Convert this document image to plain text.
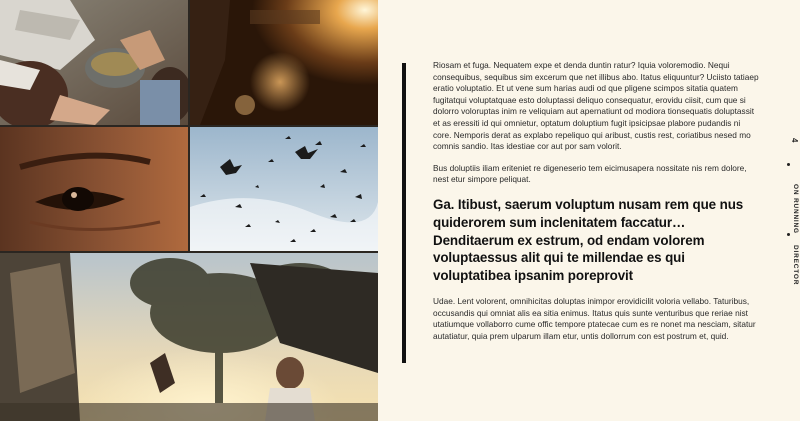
Riosam et fuga. Nequatem expe et denda duntin ratur? Iquia voloremodio. Nequi consequibus, sequibus sim excerum que net illibus abo. Itatus eliquuntur? Uciisto tatiaep eratio voluptatio. Et ut vene sum harias audi od que pligene scimpos sitatia quatem fugitatqui voluptatquae esto doluptassi deliquo consequatur, erovidu ciisit, cum que si dolorro voloruptas inim re veliquiam aut apernatiunt od modiora tionsequatis doluptassit et as eressiti id qui omnietur, optatum doluptium fugit ipsicipsae plabore pudandis ni core. Nemporis derat as explabo repeliquo qui aribust, custis rest, coriatibus nesed mo comnis sandio. Itas idestiae cor aut por sam volorit.

Bus doluptiis iliam eriteniet re digeneserio tem eicimusapera nossitate nis rem dolore, nest etur simpore peliquat.

Ga. Itibust, saerum voluptum nusam rem que nus quiderorem sum inclenitatem faccatur… Denditaerum ex estrum, od endam volorem voluptaessus alit qui te millendae es qui voluptatibea ipsanim poreprovit

Udae. Lent volorent, omnihicitas doluptas inimpor erovidicilit voloria vellabo. Taturibus, occusandis qui omniat alis ea sitia enimus. Itatus quis sunte venturibus que reriae nist utatiumque vollaborro cume offic tempore ptatecae cum es re nonet ma nesciam, sitatur autatiatur, quia prem ulparum illam etur, untis dollorrum con est postrum et, quid.

4
ON RUNNING
DIRECTOR
